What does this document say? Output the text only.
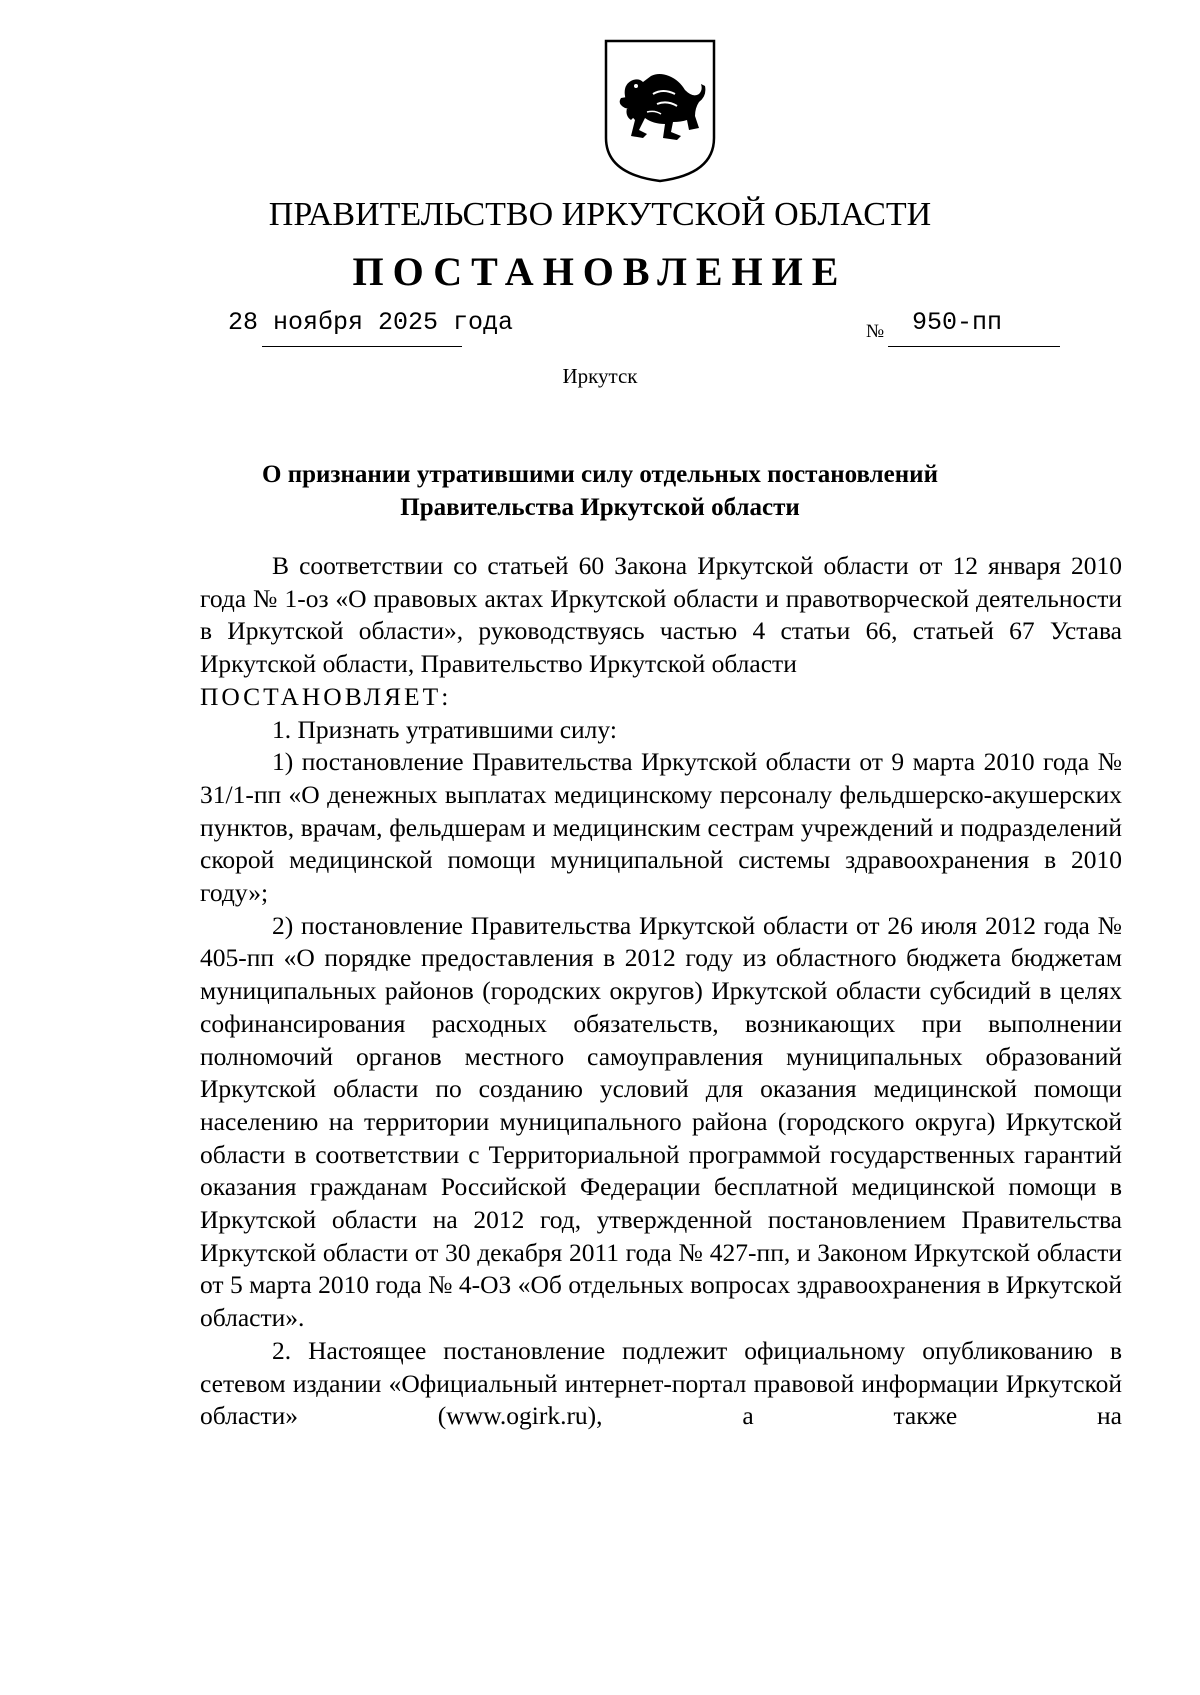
ПРАВИТЕЛЬСТВО ИРКУТСКОЙ ОБЛАСТИ
ПОСТАНОВЛЕНИЕ
28 ноября 2025 года	№ 950-пп
Иркутск
О признании утратившими силу отдельных постановлений
Правительства Иркутской области

В соответствии со статьей 60 Закона Иркутской области от 12 января 2010 года № 1-оз «О правовых актах Иркутской области и правотворческой деятельности в Иркутской области», руководствуясь частью 4 статьи 66, статьей 67 Устава Иркутской области, Правительство Иркутской области

ПОСТАНОВЛЯЕТ:

1. Признать утратившими силу:

1) постановление Правительства Иркутской области от 9 марта 2010 года № 31/1-пп «О денежных выплатах медицинскому персоналу фельдшерско-акушерских пунктов, врачам, фельдшерам и медицинским сестрам учреждений и подразделений скорой медицинской помощи муниципальной системы здравоохранения в 2010 году»;

2) постановление Правительства Иркутской области от 26 июля 2012 года № 405-пп «О порядке предоставления в 2012 году из областного бюджета бюджетам муниципальных районов (городских округов) Иркутской области субсидий в целях софинансирования расходных обязательств, возникающих при выполнении полномочий органов местного самоуправления муниципальных образований Иркутской области по созданию условий для оказания медицинской помощи населению на территории муниципального района (городского округа) Иркутской области в соответствии с Территориальной программой государственных гарантий оказания гражданам Российской Федерации бесплатной медицинской помощи в Иркутской области на 2012 год, утвержденной постановлением Правительства Иркутской области от 30 декабря 2011 года № 427-пп, и Законом Иркутской области от 5 марта 2010 года № 4-ОЗ «Об отдельных вопросах здравоохранения в Иркутской области».

2. Настоящее постановление подлежит официальному опубликованию в сетевом издании «Официальный интернет-портал правовой информации Иркутской области» (www.ogirk.ru), а также на
